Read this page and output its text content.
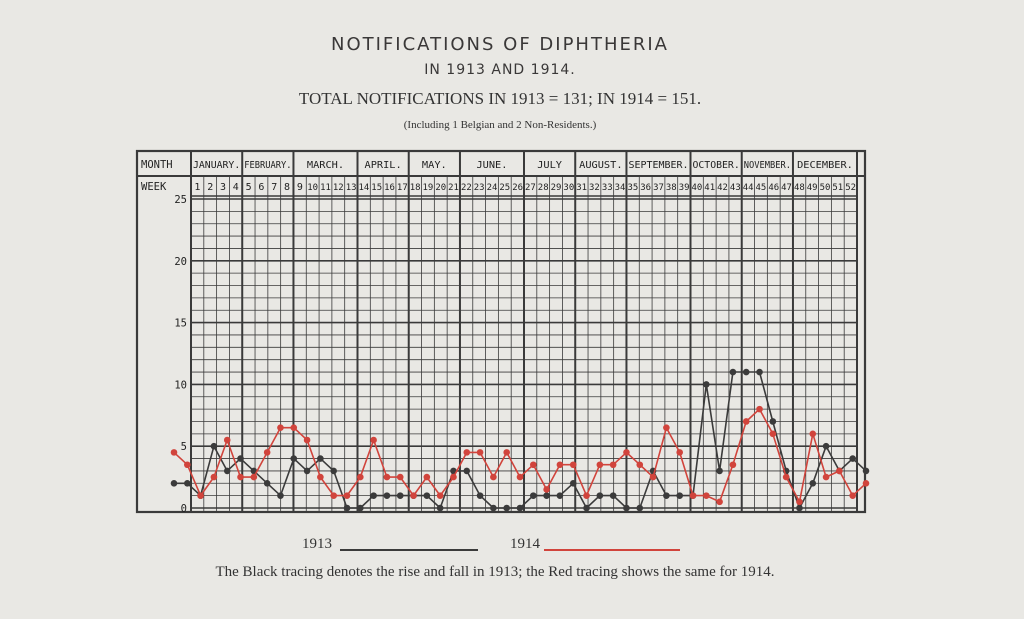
NOTIFICATIONS OF DIPHTHERIA
IN 1913 AND 1914.
TOTAL NOTIFICATIONS IN 1913 = 131; IN 1914 = 151.
(Including 1 Belgian and 2 Non-Residents.)
JANUARY. FEBRUARY. MARCH. APRIL. MAY.	JUNE.	JULY AUGUST. SEPTEMBER. OCTOBER. NOVEMBER. DECEMBER.
MONTH
WEEK	1 2 3 4 5 6 7 8 9 10 11 12 13 14 15 16 17 18 19 20 21 22 23 24 25 26 27 28 29 30 31 32 33 34 35 36 37 38 39 40 41 42 43 44 45 46 47 48 49 50 51 52
0
5
10
15
20
25
1913	1914
The Black tracing denotes the rise and fall in 1913; the Red tracing shows the same for 1914.
